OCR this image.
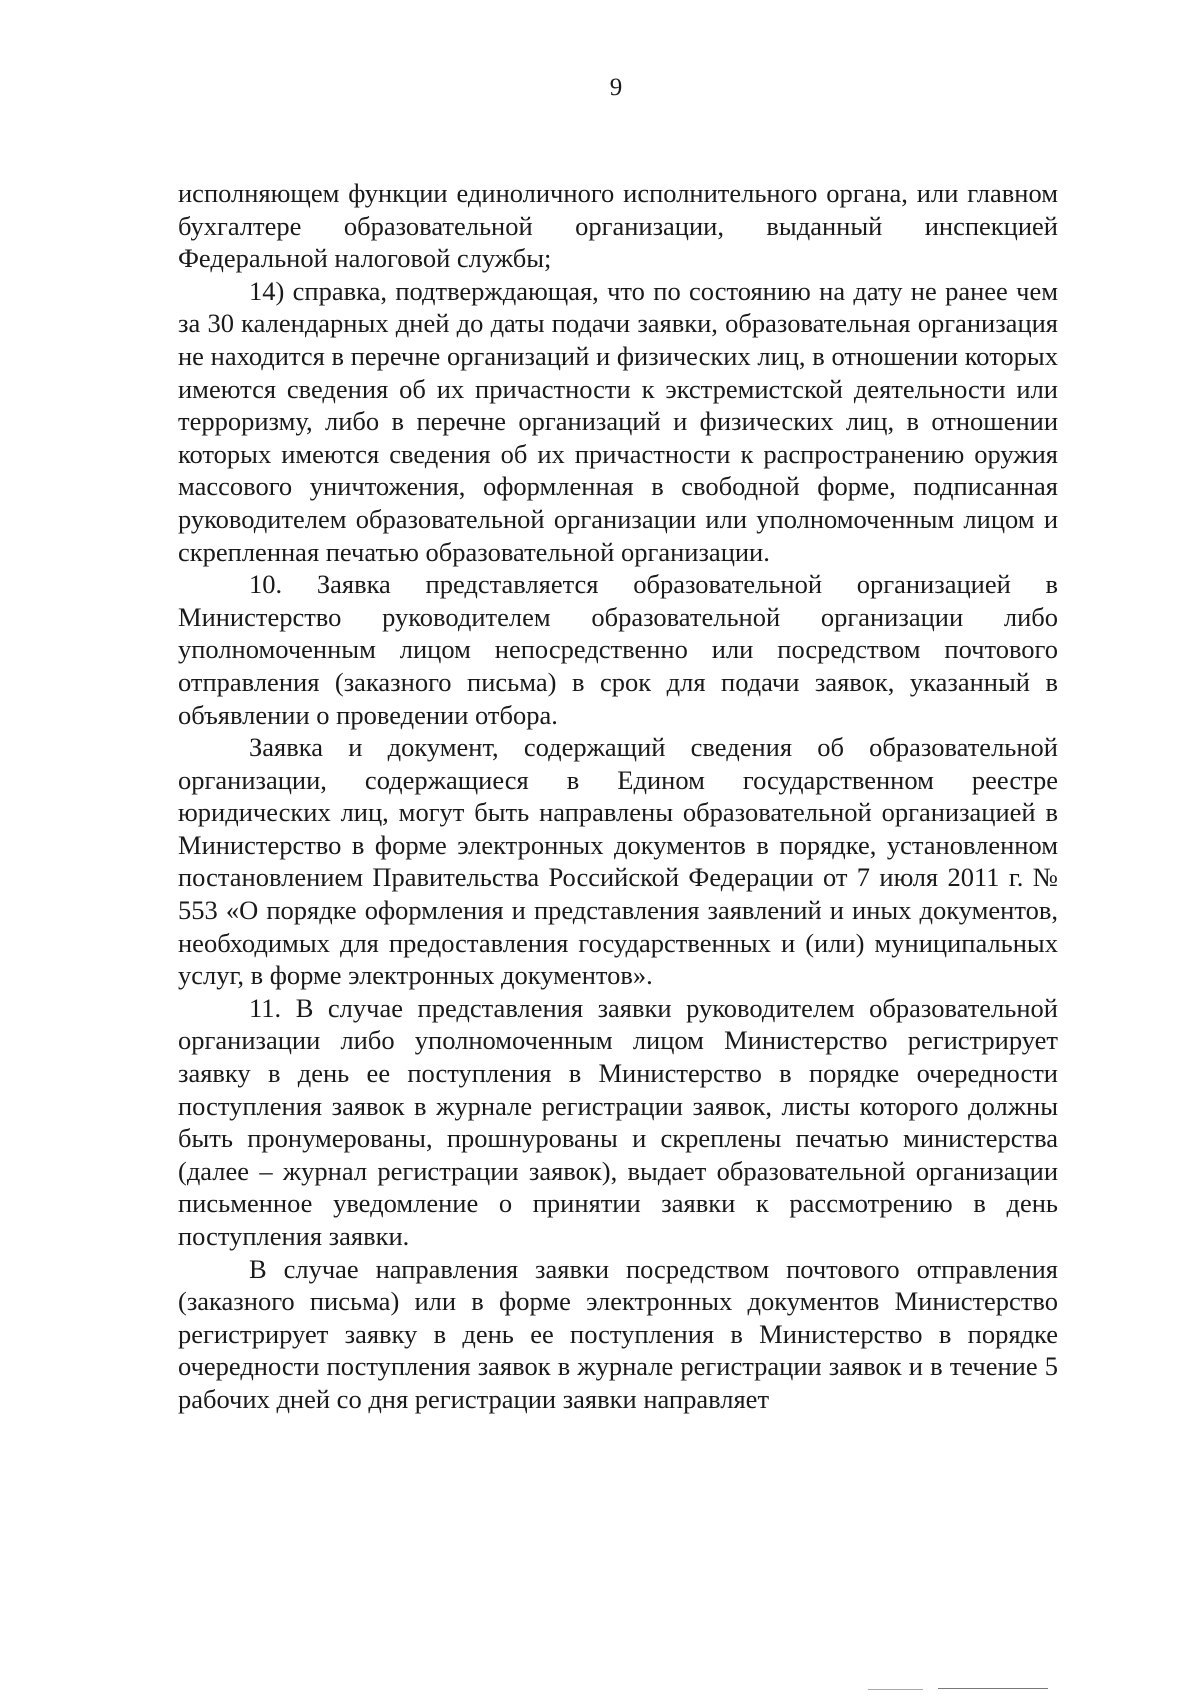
9

исполняющем функции единоличного исполнительного органа, или главном бухгалтере образовательной организации, выданный инспекцией Федеральной налоговой службы;

14) справка, подтверждающая, что по состоянию на дату не ранее чем за 30 календарных дней до даты подачи заявки, образовательная организация не находится в перечне организаций и физических лиц, в отношении которых имеются сведения об их причастности к экстремистской деятельности или терроризму, либо в перечне организаций и физических лиц, в отношении которых имеются сведения об их причастности к распространению оружия массового уничтожения, оформленная в свободной форме, подписанная руководителем образовательной организации или уполномоченным лицом и скрепленная печатью образовательной организации.

10. Заявка представляется образовательной организацией в Министерство руководителем образовательной организации либо уполномоченным лицом непосредственно или посредством почтового отправления (заказного письма) в срок для подачи заявок, указанный в объявлении о проведении отбора.

Заявка и документ, содержащий сведения об образовательной организации, содержащиеся в Едином государственном реестре юридических лиц, могут быть направлены образовательной организацией в Министерство в форме электронных документов в порядке, установленном постановлением Правительства Российской Федерации от 7 июля 2011 г. № 553 «О порядке оформления и представления заявлений и иных документов, необходимых для предоставления государственных и (или) муниципальных услуг, в форме электронных документов».

11. В случае представления заявки руководителем образовательной организации либо уполномоченным лицом Министерство регистрирует заявку в день ее поступления в Министерство в порядке очередности поступления заявок в журнале регистрации заявок, листы которого должны быть пронумерованы, прошнурованы и скреплены печатью министерства (далее – журнал регистрации заявок), выдает образовательной организации письменное уведомление о принятии заявки к рассмотрению в день поступления заявки.

В случае направления заявки посредством почтового отправления (заказного письма) или в форме электронных документов Министерство регистрирует заявку в день ее поступления в Министерство в порядке очередности поступления заявок в журнале регистрации заявок и в течение 5 рабочих дней со дня регистрации заявки направляет
